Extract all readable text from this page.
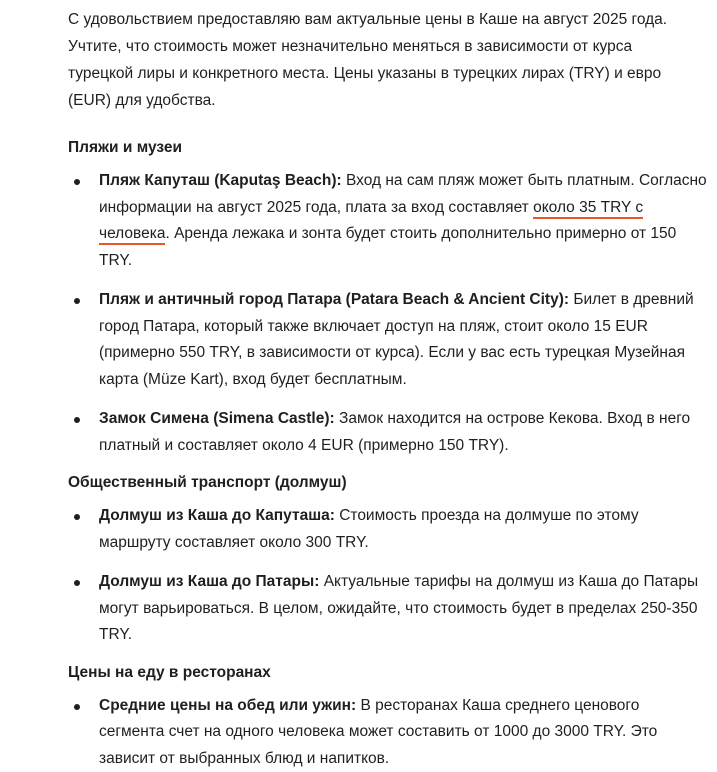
С удовольствием предоставляю вам актуальные цены в Каше на август 2025 года. Учтите, что стоимость может незначительно меняться в зависимости от курса турецкой лиры и конкретного места. Цены указаны в турецких лирах (TRY) и евро (EUR) для удобства.

Пляжи и музеи
Пляж Капуташ (Kaputaş Beach): Вход на сам пляж может быть платным. Согласно информации на август 2025 года, плата за вход составляет около 35 TRY с человека. Аренда лежака и зонта будет стоить дополнительно примерно от 150 TRY.
Пляж и античный город Патара (Patara Beach & Ancient City): Билет в древний город Патара, который также включает доступ на пляж, стоит около 15 EUR (примерно 550 TRY, в зависимости от курса). Если у вас есть турецкая Музейная карта (Müze Kart), вход будет бесплатным.
Замок Симена (Simena Castle): Замок находится на острове Кекова. Вход в него платный и составляет около 4 EUR (примерно 150 TRY).
Общественный транспорт (долмуш)
Долмуш из Каша до Капуташа: Стоимость проезда на долмуше по этому маршруту составляет около 300 TRY.
Долмуш из Каша до Патары: Актуальные тарифы на долмуш из Каша до Патары могут варьироваться. В целом, ожидайте, что стоимость будет в пределах 250-350 TRY.
Цены на еду в ресторанах
Средние цены на обед или ужин: В ресторанах Каша среднего ценового сегмента счет на одного человека может составить от 1000 до 3000 TRY. Это зависит от выбранных блюд и напитков.
